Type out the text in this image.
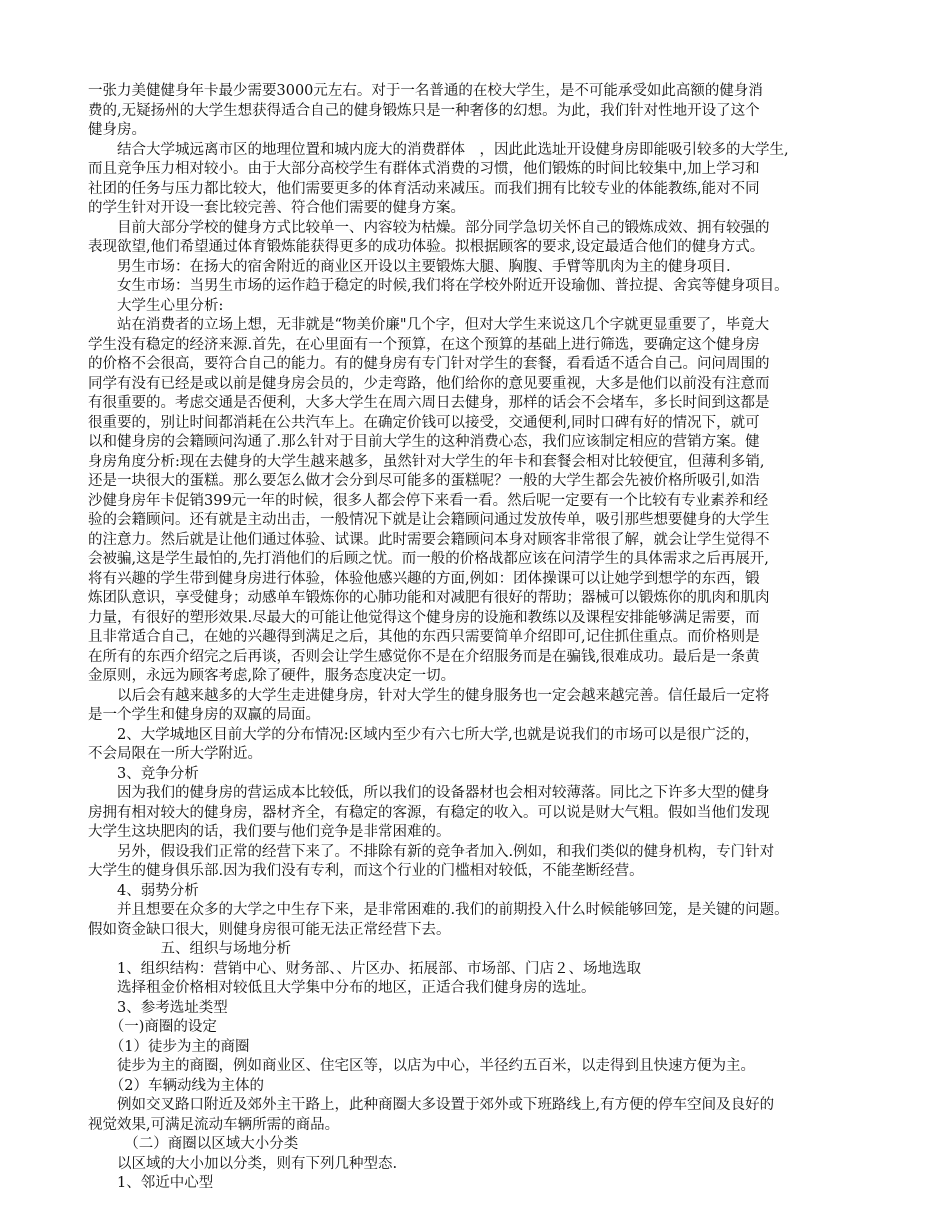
一张力美健健身年卡最少需要3000元左右。对于一名普通的在校大学生，是不可能承受如此高额的健身消
费的,无疑扬州的大学生想获得适合自己的健身锻炼只是一种奢侈的幻想。为此，我们针对性地开设了这个
健身房。
　　结合大学城远离市区的地理位置和城内庞大的消费群体　，因此此选址开设健身房即能吸引较多的大学生,
而且竞争压力相对较小。由于大部分高校学生有群体式消费的习惯，他们锻炼的时间比较集中,加上学习和
社团的任务与压力都比较大，他们需要更多的体育活动来减压。而我们拥有比较专业的体能教练,能对不同
的学生针对开设一套比较完善、符合他们需要的健身方案。
　　目前大部分学校的健身方式比较单一、内容较为枯燥。部分同学急切关怀自己的锻炼成效、拥有较强的
表现欲望,他们希望通过体育锻炼能获得更多的成功体验。拟根据顾客的要求,设定最适合他们的健身方式。
　　男生市场：在扬大的宿舍附近的商业区开设以主要锻炼大腿、胸腹、手臂等肌肉为主的健身项目.
　　女生市场：当男生市场的运作趋于稳定的时候,我们将在学校外附近开设瑜伽、普拉提、舍宾等健身项目。
　　大学生心里分析:
　　站在消费者的立场上想，无非就是“物美价廉"几个字，但对大学生来说这几个字就更显重要了，毕竟大
学生没有稳定的经济来源.首先，在心里面有一个预算，在这个预算的基础上进行筛选，要确定这个健身房
的价格不会很高，要符合自己的能力。有的健身房有专门针对学生的套餐，看看适不适合自己。问问周围的
同学有没有已经是或以前是健身房会员的，少走弯路，他们给你的意见要重视，大多是他们以前没有注意而
有很重要的。考虑交通是否便利，大多大学生在周六周日去健身，那样的话会不会堵车，多长时间到这都是
很重要的，别让时间都消耗在公共汽车上。在确定价钱可以接受，交通便利,同时口碑有好的情况下，就可
以和健身房的会籍顾问沟通了.那么针对于目前大学生的这种消费心态，我们应该制定相应的营销方案。健
身房角度分析:现在去健身的大学生越来越多，虽然针对大学生的年卡和套餐会相对比较便宜，但薄利多销,
还是一块很大的蛋糕。那么要怎么做才会分到尽可能多的蛋糕呢？一般的大学生都会先被价格所吸引,如浩
沙健身房年卡促销399元一年的时候，很多人都会停下来看一看。然后呢一定要有一个比较有专业素养和经
验的会籍顾问。还有就是主动出击，一般情况下就是让会籍顾问通过发放传单，吸引那些想要健身的大学生
的注意力。然后就是让他们通过体验、试课。此时需要会籍顾问本身对顾客非常很了解，就会让学生觉得不
会被骗,这是学生最怕的,先打消他们的后顾之忧。而一般的价格战都应该在问清学生的具体需求之后再展开,
将有兴趣的学生带到健身房进行体验，体验他感兴趣的方面,例如：团体操课可以让她学到想学的东西，锻
炼团队意识，享受健身；动感单车锻炼你的心肺功能和对减肥有很好的帮助；器械可以锻炼你的肌肉和肌肉
力量，有很好的塑形效果.尽最大的可能让他觉得这个健身房的设施和教练以及课程安排能够满足需要，而
且非常适合自己，在她的兴趣得到满足之后，其他的东西只需要简单介绍即可,记住抓住重点。而价格则是
在所有的东西介绍完之后再谈，否则会让学生感觉你不是在介绍服务而是在骗钱,很难成功。最后是一条黄
金原则，永远为顾客考虑,除了硬件，服务态度决定一切。
　　以后会有越来越多的大学生走进健身房，针对大学生的健身服务也一定会越来越完善。信任最后一定将
是一个学生和健身房的双赢的局面。
　　2、大学城地区目前大学的分布情况:区域内至少有六七所大学,也就是说我们的市场可以是很广泛的，
不会局限在一所大学附近。
　　3、竞争分析
　　因为我们的健身房的营运成本比较低，所以我们的设备器材也会相对较薄落。同比之下许多大型的健身
房拥有相对较大的健身房，器材齐全，有稳定的客源，有稳定的收入。可以说是财大气粗。假如当他们发现
大学生这块肥肉的话，我们要与他们竞争是非常困难的。
　　另外，假设我们正常的经营下来了。不排除有新的竞争者加入.例如，和我们类似的健身机构，专门针对
大学生的健身俱乐部.因为我们没有专利，而这个行业的门槛相对较低，不能垄断经营。
　　4、弱势分析
　　并且想要在众多的大学之中生存下来，是非常困难的.我们的前期投入什么时候能够回笼，是关键的问题。
假如资金缺口很大，则健身房很可能无法正常经营下去。
　　　　　五、组织与场地分析
　　1、组织结构：营销中心、财务部、、片区办、拓展部、市场部、门店２、场地选取
　　选择租金价格相对较低且大学集中分布的地区，正适合我们健身房的选址。
　　3、参考选址类型
　　（一)商圈的设定
　　（1）徒步为主的商圈
　　徒步为主的商圈，例如商业区、住宅区等，以店为中心，半径约五百米，以走得到且快速方便为主。
　　（2）车辆动线为主体的
　　例如交叉路口附近及郊外主干路上，此种商圈大多设置于郊外或下班路线上,有方便的停车空间及良好的
视觉效果,可满足流动车辆所需的商品。
　　　（二）商圈以区域大小分类
　　以区域的大小加以分类，则有下列几种型态.
　　1、邻近中心型
